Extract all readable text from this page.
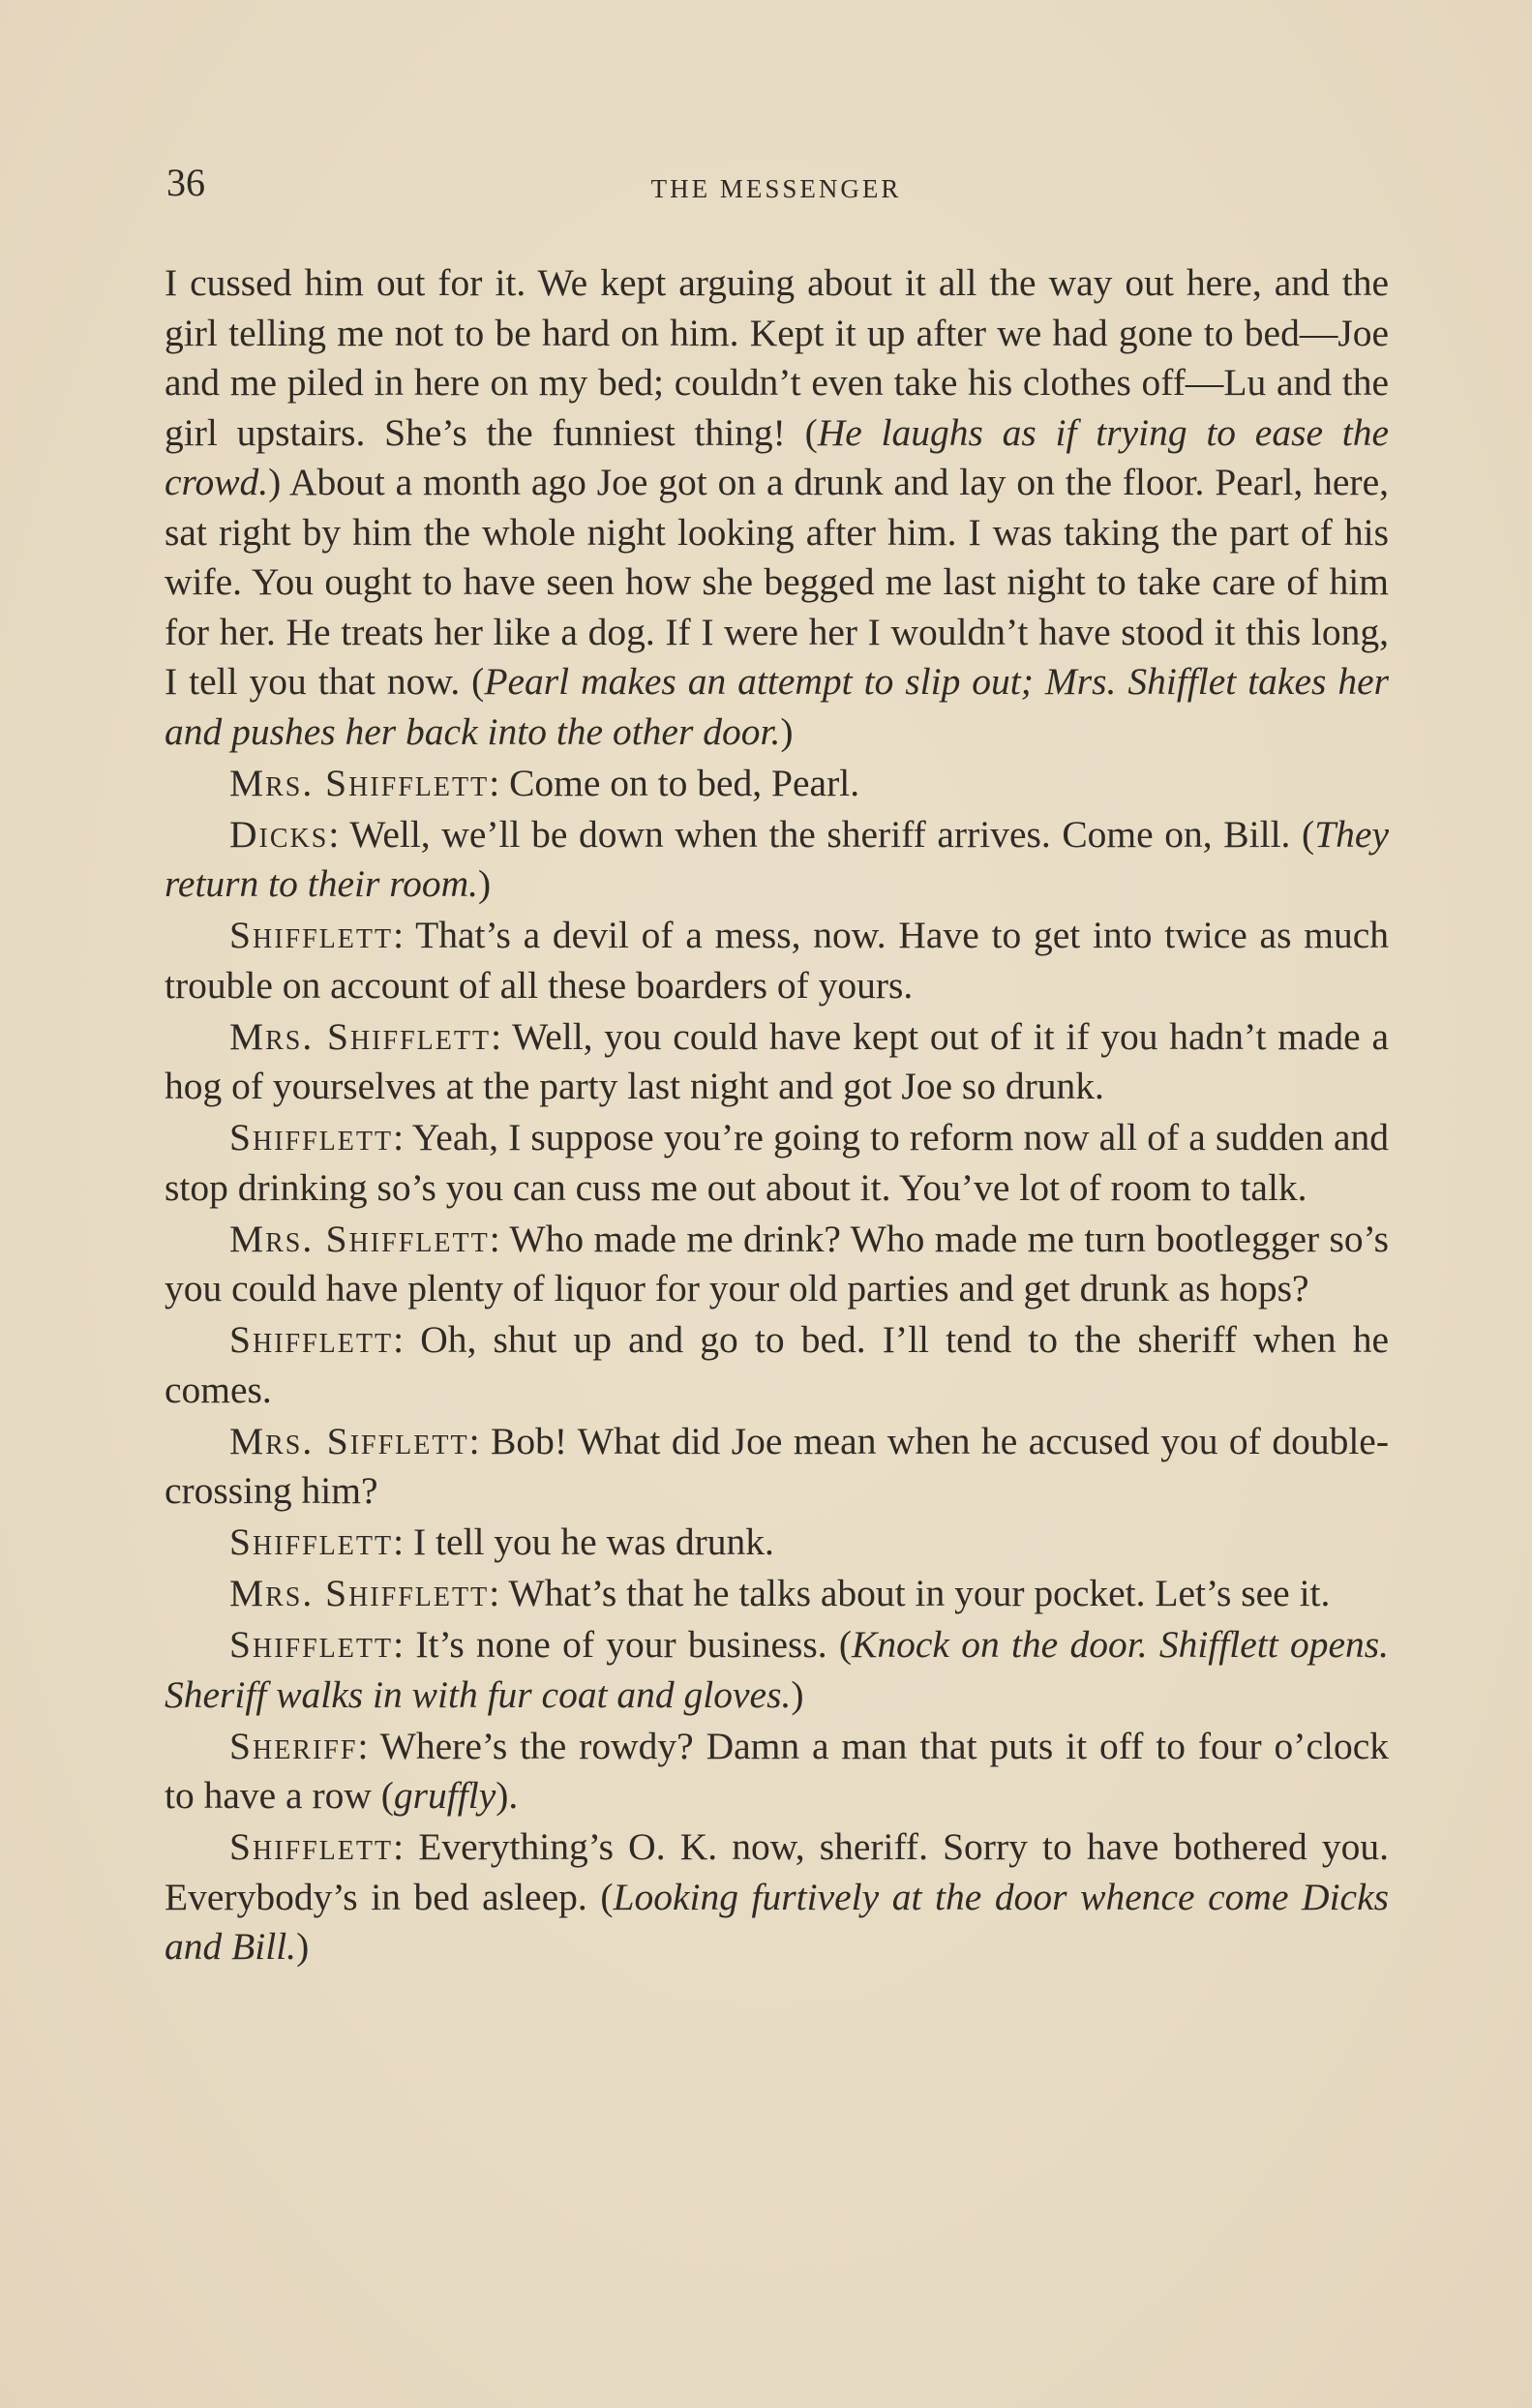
36	THE MESSENGER

I cussed him out for it. We kept arguing about it all the way out here, and the girl telling me not to be hard on him. Kept it up after we had gone to bed—Joe and me piled in here on my bed; couldn’t even take his clothes off—Lu and the girl upstairs. She’s the funniest thing! (He laughs as if trying to ease the crowd.) About a month ago Joe got on a drunk and lay on the floor. Pearl, here, sat right by him the whole night looking after him. I was taking the part of his wife. You ought to have seen how she begged me last night to take care of him for her. He treats her like a dog. If I were her I wouldn’t have stood it this long, I tell you that now. (Pearl makes an attempt to slip out; Mrs. Shifflet takes her and pushes her back into the other door.)

Mrs. Shifflett: Come on to bed, Pearl.

Dicks: Well, we’ll be down when the sheriff arrives. Come on, Bill. (They return to their room.)

Shifflett: That’s a devil of a mess, now. Have to get into twice as much trouble on account of all these boarders of yours.

Mrs. Shifflett: Well, you could have kept out of it if you hadn’t made a hog of yourselves at the party last night and got Joe so drunk.

Shifflett: Yeah, I suppose you’re going to reform now all of a sudden and stop drinking so’s you can cuss me out about it. You’ve lot of room to talk.

Mrs. Shifflett: Who made me drink? Who made me turn bootlegger so’s you could have plenty of liquor for your old parties and get drunk as hops?

Shifflett: Oh, shut up and go to bed. I’ll tend to the sheriff when he comes.

Mrs. Sifflett: Bob! What did Joe mean when he accused you of double-crossing him?

Shifflett: I tell you he was drunk.

Mrs. Shifflett: What’s that he talks about in your pocket. Let’s see it.

Shifflett: It’s none of your business. (Knock on the door. Shifflett opens. Sheriff walks in with fur coat and gloves.)

Sheriff: Where’s the rowdy? Damn a man that puts it off to four o’clock to have a row (gruffly).

Shifflett: Everything’s O. K. now, sheriff. Sorry to have bothered you. Everybody’s in bed asleep. (Looking furtively at the door whence come Dicks and Bill.)
